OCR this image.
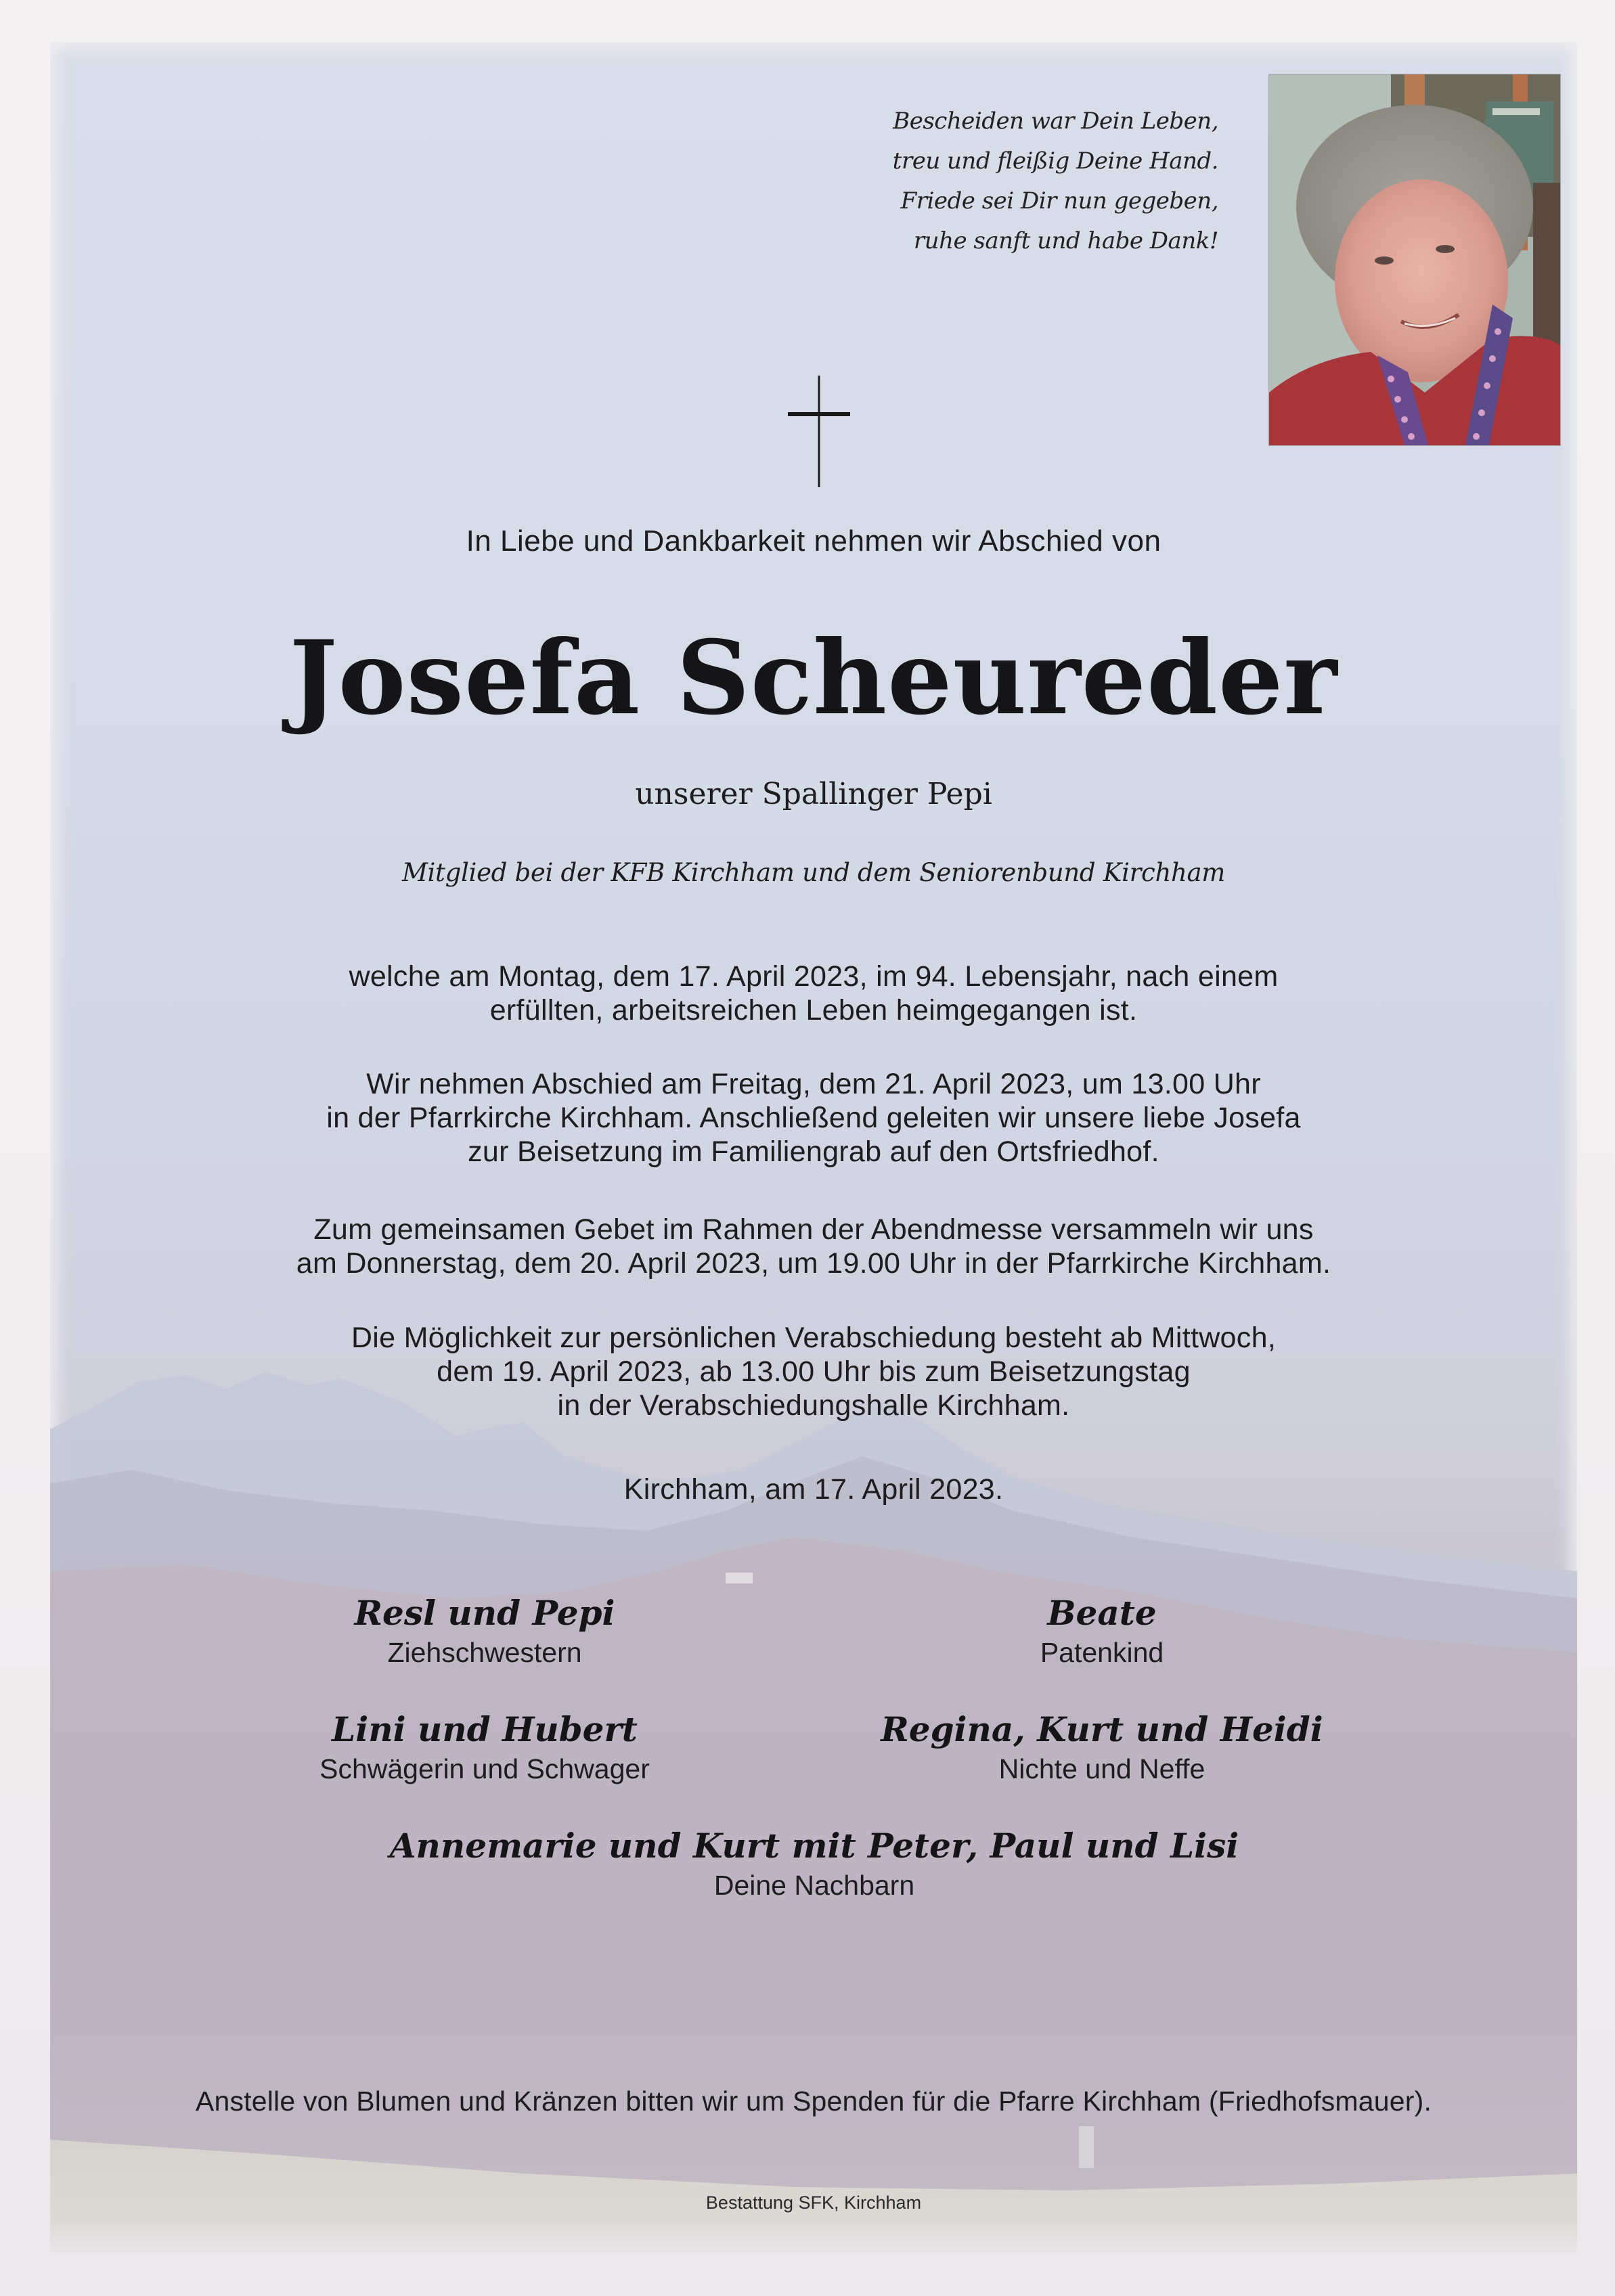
Bescheiden war Dein Leben,
treu und fleißig Deine Hand.
Friede sei Dir nun gegeben,
ruhe sanft und habe Dank!
In Liebe und Dankbarkeit nehmen wir Abschied von
Josefa Scheureder
unserer Spallinger Pepi
Mitglied bei der KFB Kirchham und dem Seniorenbund Kirchham
welche am Montag, dem 17. April 2023, im 94. Lebensjahr, nach einem
erfüllten, arbeitsreichen Leben heimgegangen ist.
Wir nehmen Abschied am Freitag, dem 21. April 2023, um 13.00 Uhr
in der Pfarrkirche Kirchham. Anschließend geleiten wir unsere liebe Josefa
zur Beisetzung im Familiengrab auf den Ortsfriedhof.
Zum gemeinsamen Gebet im Rahmen der Abendmesse versammeln wir uns
am Donnerstag, dem 20. April 2023, um 19.00 Uhr in der Pfarrkirche Kirchham.
Die Möglichkeit zur persönlichen Verabschiedung besteht ab Mittwoch,
dem 19. April 2023, ab 13.00 Uhr bis zum Beisetzungstag
in der Verabschiedungshalle Kirchham.
Kirchham, am 17. April 2023.
Resl und Pepi
Ziehschwestern
Beate
Patenkind
Lini und Hubert
Schwägerin und Schwager
Regina, Kurt und Heidi
Nichte und Neffe
Annemarie und Kurt mit Peter, Paul und Lisi
Deine Nachbarn
Anstelle von Blumen und Kränzen bitten wir um Spenden für die Pfarre Kirchham (Friedhofsmauer).
Bestattung SFK, Kirchham
